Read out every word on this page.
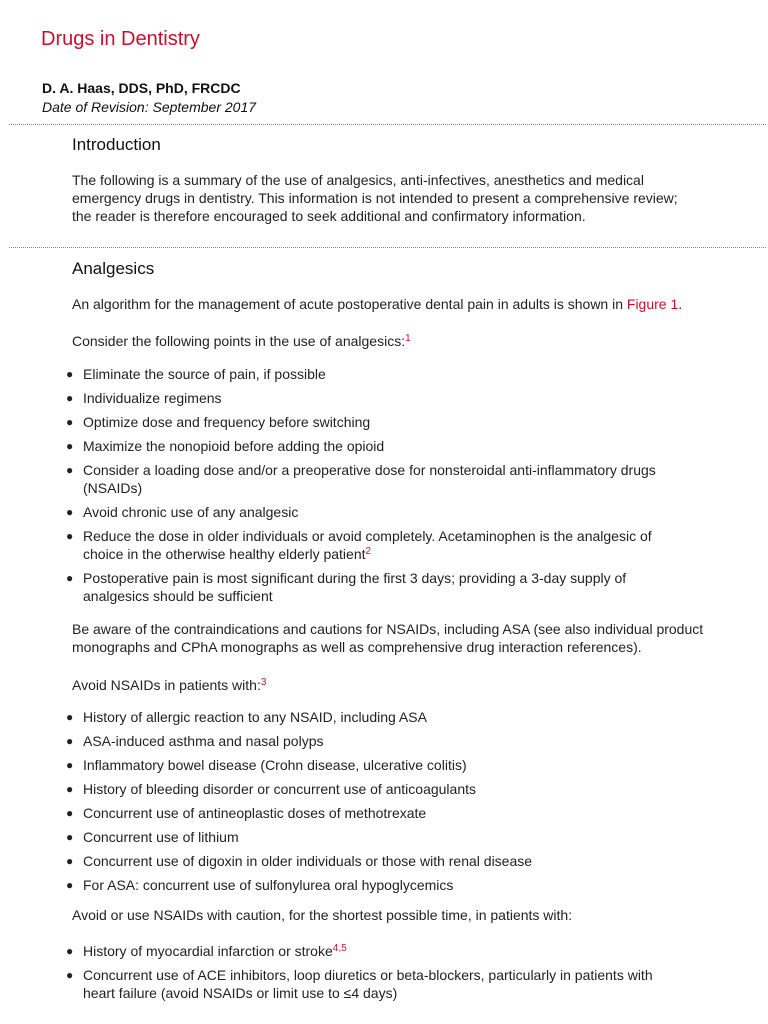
Drugs in Dentistry
D. A. Haas, DDS, PhD, FRCDC
Date of Revision: September 2017
Introduction

The following is a summary of the use of analgesics, anti-infectives, anesthetics and medical emergency drugs in dentistry. This information is not intended to present a comprehensive review; the reader is therefore encouraged to seek additional and confirmatory information.

Analgesics

An algorithm for the management of acute postoperative dental pain in adults is shown in Figure 1.

Consider the following points in the use of analgesics:$^1$

● Eliminate the source of pain, if possible
● Individualize regimens
● Optimize dose and frequency before switching
● Maximize the nonopioid before adding the opioid
● Consider a loading dose and/or a preoperative dose for nonsteroidal anti-inflammatory drugs (NSAIDs)
● Avoid chronic use of any analgesic
● Reduce the dose in older individuals or avoid completely. Acetaminophen is the analgesic of choice in the otherwise healthy elderly patient$^2$
● Postoperative pain is most significant during the first 3 days; providing a 3-day supply of analgesics should be sufficient

Be aware of the contraindications and cautions for NSAIDs, including ASA (see also individual product monographs and CPhA monographs as well as comprehensive drug interaction references).

Avoid NSAIDs in patients with:$^3$

● History of allergic reaction to any NSAID, including ASA
● ASA-induced asthma and nasal polyps
● Inflammatory bowel disease (Crohn disease, ulcerative colitis)
● History of bleeding disorder or concurrent use of anticoagulants
● Concurrent use of antineoplastic doses of methotrexate
● Concurrent use of lithium
● Concurrent use of digoxin in older individuals or those with renal disease
● For ASA: concurrent use of sulfonylurea oral hypoglycemics

Avoid or use NSAIDs with caution, for the shortest possible time, in patients with:

● History of myocardial infarction or stroke$^{4,5}$
● Concurrent use of ACE inhibitors, loop diuretics or beta-blockers, particularly in patients with heart failure (avoid NSAIDs or limit use to ≤4 days)
